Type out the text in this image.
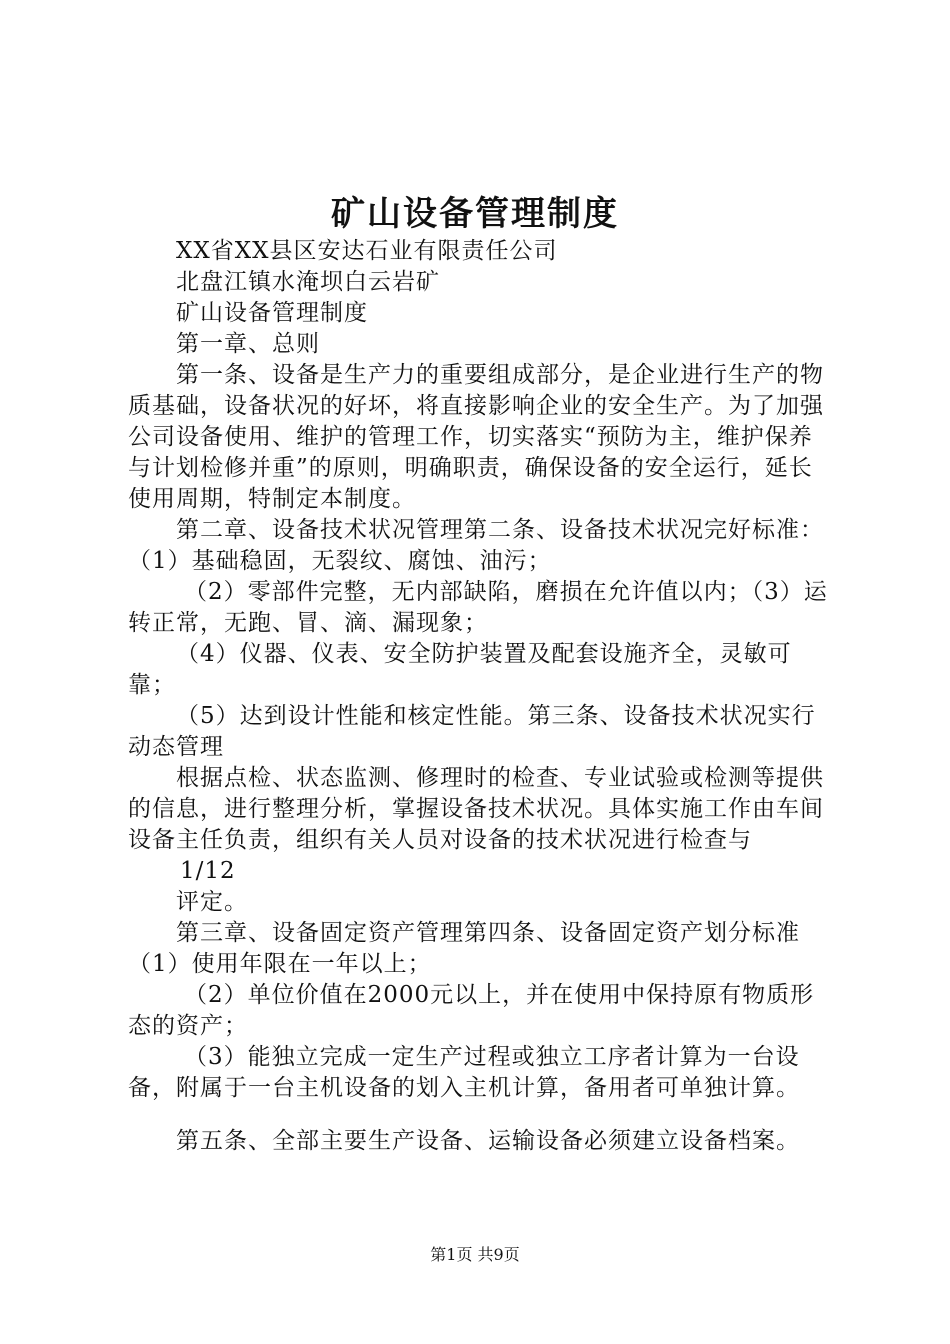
矿山设备管理制度

XX省XX县区安达石业有限责任公司

北盘江镇水淹坝白云岩矿

矿山设备管理制度

第一章、总则

第一条、设备是生产力的重要组成部分，是企业进行生产的物质基础，设备状况的好坏，将直接影响企业的安全生产。为了加强公司设备使用、维护的管理工作，切实落实“预防为主，维护保养与计划检修并重”的原则，明确职责，确保设备的安全运行，延长使用周期，特制定本制度。

第二章、设备技术状况管理第二条、设备技术状况完好标准：（1）基础稳固，无裂纹、腐蚀、油污；

（2）零部件完整，无内部缺陷，磨损在允许值以内；（3）运转正常，无跑、冒、滴、漏现象；

（4）仪器、仪表、安全防护装置及配套设施齐全，灵敏可靠；

（5）达到设计性能和核定性能。第三条、设备技术状况实行动态管理

根据点检、状态监测、修理时的检查、专业试验或检测等提供的信息，进行整理分析，掌握设备技术状况。具体实施工作由车间设备主任负责，组织有关人员对设备的技术状况进行检查与

1/12

评定。

第三章、设备固定资产管理第四条、设备固定资产划分标准（1）使用年限在一年以上；

（2）单位价值在2000元以上，并在使用中保持原有物质形态的资产；

（3）能独立完成一定生产过程或独立工序者计算为一台设备，附属于一台主机设备的划入主机计算，备用者可单独计算。

第五条、全部主要生产设备、运输设备必须建立设备档案。

第1页 共9页
